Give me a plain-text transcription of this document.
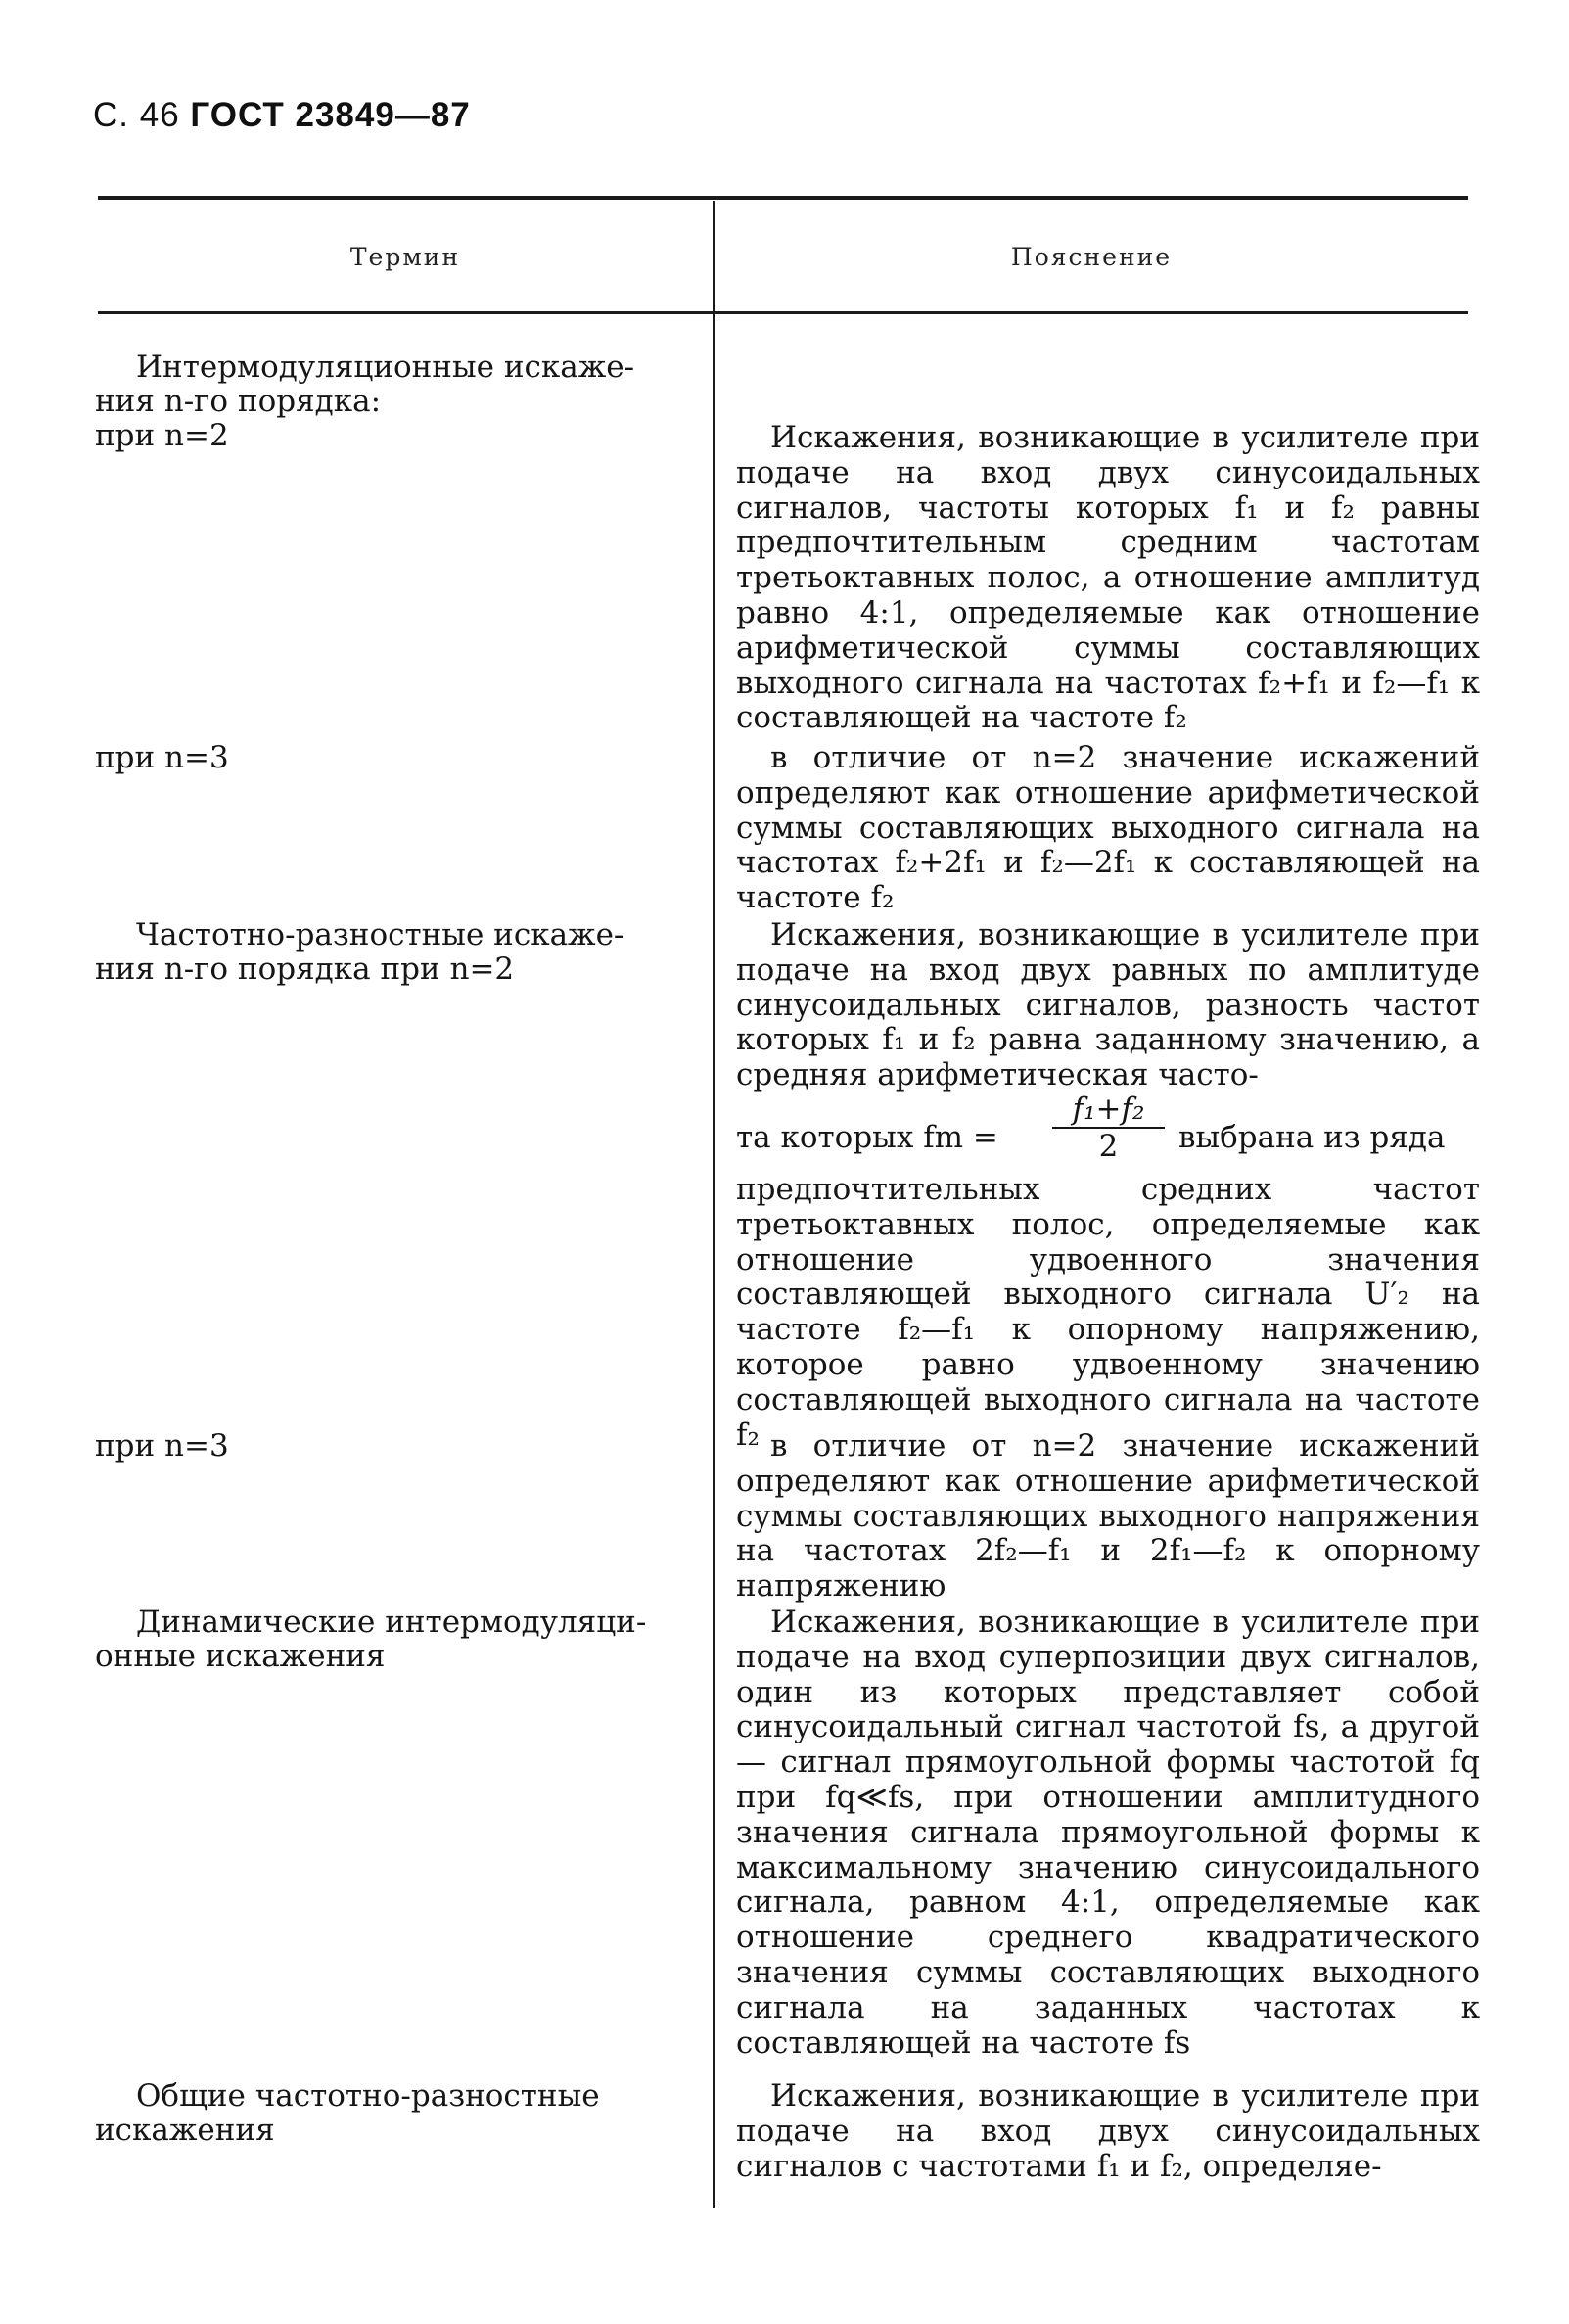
С. 46 ГОСТ 23849—87
Термин	Пояснение
Интермодуляционные искаже-
ния n-го порядка:
при n=2
при n=3
Частотно-разностные искаже-
ния n-го порядка при n=2
при n=3
Динамические интермодуляци-
онные искажения
Общие частотно-разностные
искажения

Искажения, возникающие в усилителе при подаче на вход двух синусоидальных сигналов, частоты которых f₁ и f₂ равны предпочтительным средним частотам третьоктавных полос, а отношение амплитуд равно 4:1, определяемые как отношение арифметической суммы составляющих выходного сигнала на частотах f₂+f₁ и f₂—f₁ к составляющей на частоте f₂

в отличие от n=2 значение искажений определяют как отношение арифметической суммы составляющих выходного сигнала на частотах f₂+2f₁ и f₂—2f₁ к составляющей на частоте f₂

Искажения, возникающие в усилителе при подаче на вход двух равных по амплитуде синусоидальных сигналов, разность частот которых f₁ и f₂ равна заданному значению, а средняя арифметическая часто-

та которых fm =
f₁+f₂
2	выбрана из ряда

предпочтительных средних частот третьоктавных полос, определяемые как отношение удвоенного значения составляющей выходного сигнала U′₂ на частоте f₂—f₁ к опорному напряжению, которое равно удвоенному значению составляющей выходного сигнала на частоте f₂ в отличие от n=2 значение искажений определяют как отношение арифметической суммы составляющих выходного напряжения на частотах 2f₂—f₁ и 2f₁—f₂ к опорному напряжению

Искажения, возникающие в усилителе при подаче на вход суперпозиции двух сигналов, один из которых представляет собой синусоидальный сигнал частотой fs, а другой — сигнал прямоугольной формы частотой fq при fq≪fs, при отношении амплитудного значения сигнала прямоугольной формы к максимальному значению синусоидального сигнала, равном 4:1, определяемые как отношение среднего квадратического значения суммы составляющих выходного сигнала на заданных частотах к составляющей на частоте fs

Искажения, возникающие в усилителе при подаче на вход двух синусоидальных сигналов с частотами f₁ и f₂, определяе-
